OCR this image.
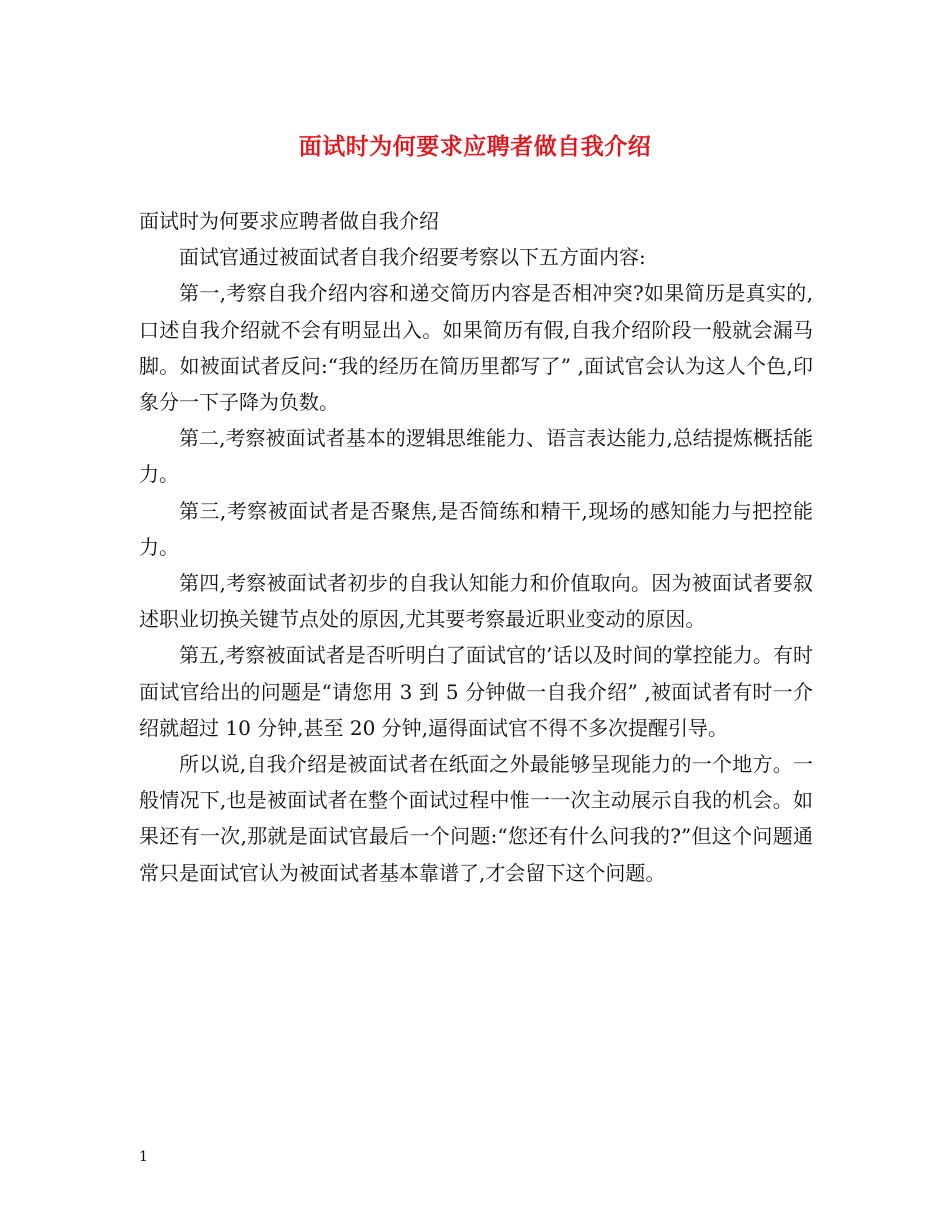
面试时为何要求应聘者做自我介绍

面试时为何要求应聘者做自我介绍

面试官通过被面试者自我介绍要考察以下五方面内容:

第一,考察自我介绍内容和递交简历内容是否相冲突?如果简历是真实的,口述自我介绍就不会有明显出入。如果简历有假,自我介绍阶段一般就会漏马脚。如被面试者反问:“我的经历在简历里都写了” ,面试官会认为这人个色,印象分一下子降为负数。

第二,考察被面试者基本的逻辑思维能力、语言表达能力,总结提炼概括能力。

第三,考察被面试者是否聚焦,是否简练和精干,现场的感知能力与把控能力。

第四,考察被面试者初步的自我认知能力和价值取向。因为被面试者要叙述职业切换关键节点处的原因,尤其要考察最近职业变动的原因。

第五,考察被面试者是否听明白了面试官的’话以及时间的掌控能力。有时面试官给出的问题是“请您用 3 到 5 分钟做一自我介绍” ,被面试者有时一介绍就超过 10 分钟,甚至 20 分钟,逼得面试官不得不多次提醒引导。

所以说,自我介绍是被面试者在纸面之外最能够呈现能力的一个地方。一般情况下,也是被面试者在整个面试过程中惟一一次主动展示自我的机会。如果还有一次,那就是面试官最后一个问题:“您还有什么问我的?”但这个问题通常只是面试官认为被面试者基本靠谱了,才会留下这个问题。

1
